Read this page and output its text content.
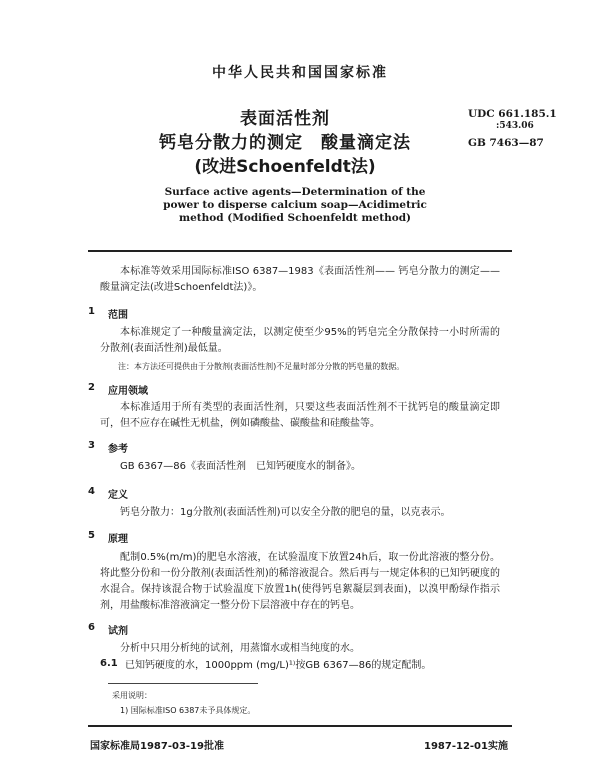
中华人民共和国国家标准
表面活性剂
钙皂分散力的测定　酸量滴定法
(改进Schoenfeldt法)
UDC 661.185.1
:543.06
GB 7463—87
Surface active agents—Determination of the
power to disperse calcium soap—Acidimetric
method (Modified Schoenfeldt method)
本标准等效采用国际标准ISO 6387—1983《表面活性剂—— 钙皂分散力的测定—— 酸量滴定法(改进Schoenfeldt法)》。
1 范围
本标准规定了一种酸量滴定法，以测定使至少95%的钙皂完全分散保持一小时所需的分散剂(表面活性剂)最低量。
注：本方法还可提供由于分散剂(表面活性剂)不足量时部分分散的钙皂量的数据。
2 应用领域
本标准适用于所有类型的表面活性剂，只要这些表面活性剂不干扰钙皂的酸量滴定即可，但不应存在碱性无机盐，例如磷酸盐、碳酸盐和硅酸盐等。
3 参考
GB 6367—86《表面活性剂　已知钙硬度水的制备》。
4 定义
钙皂分散力：1g分散剂(表面活性剂)可以安全分散的肥皂的量，以克表示。
5 原理
配制0.5%(m/m)的肥皂水溶液，在试验温度下放置24h后，取一份此溶液的整分份。将此整分份和一份分散剂(表面活性剂)的稀溶液混合。然后再与一规定体积的已知钙硬度的水混合。保持该混合物于试验温度下放置1h(使得钙皂絮凝层到表面)，以溴甲酚绿作指示剂，用盐酸标准溶液滴定一整分份下层溶液中存在的钙皂。
6 试剂
分析中只用分析纯的试剂，用蒸馏水或相当纯度的水。
6.1 已知钙硬度的水，1000ppm (mg/L)¹⁾按GB 6367—86的规定配制。
采用说明：
1) 国际标准ISO 6387未予具体规定。
国家标准局1987-03-19批准	1987-12-01实施
